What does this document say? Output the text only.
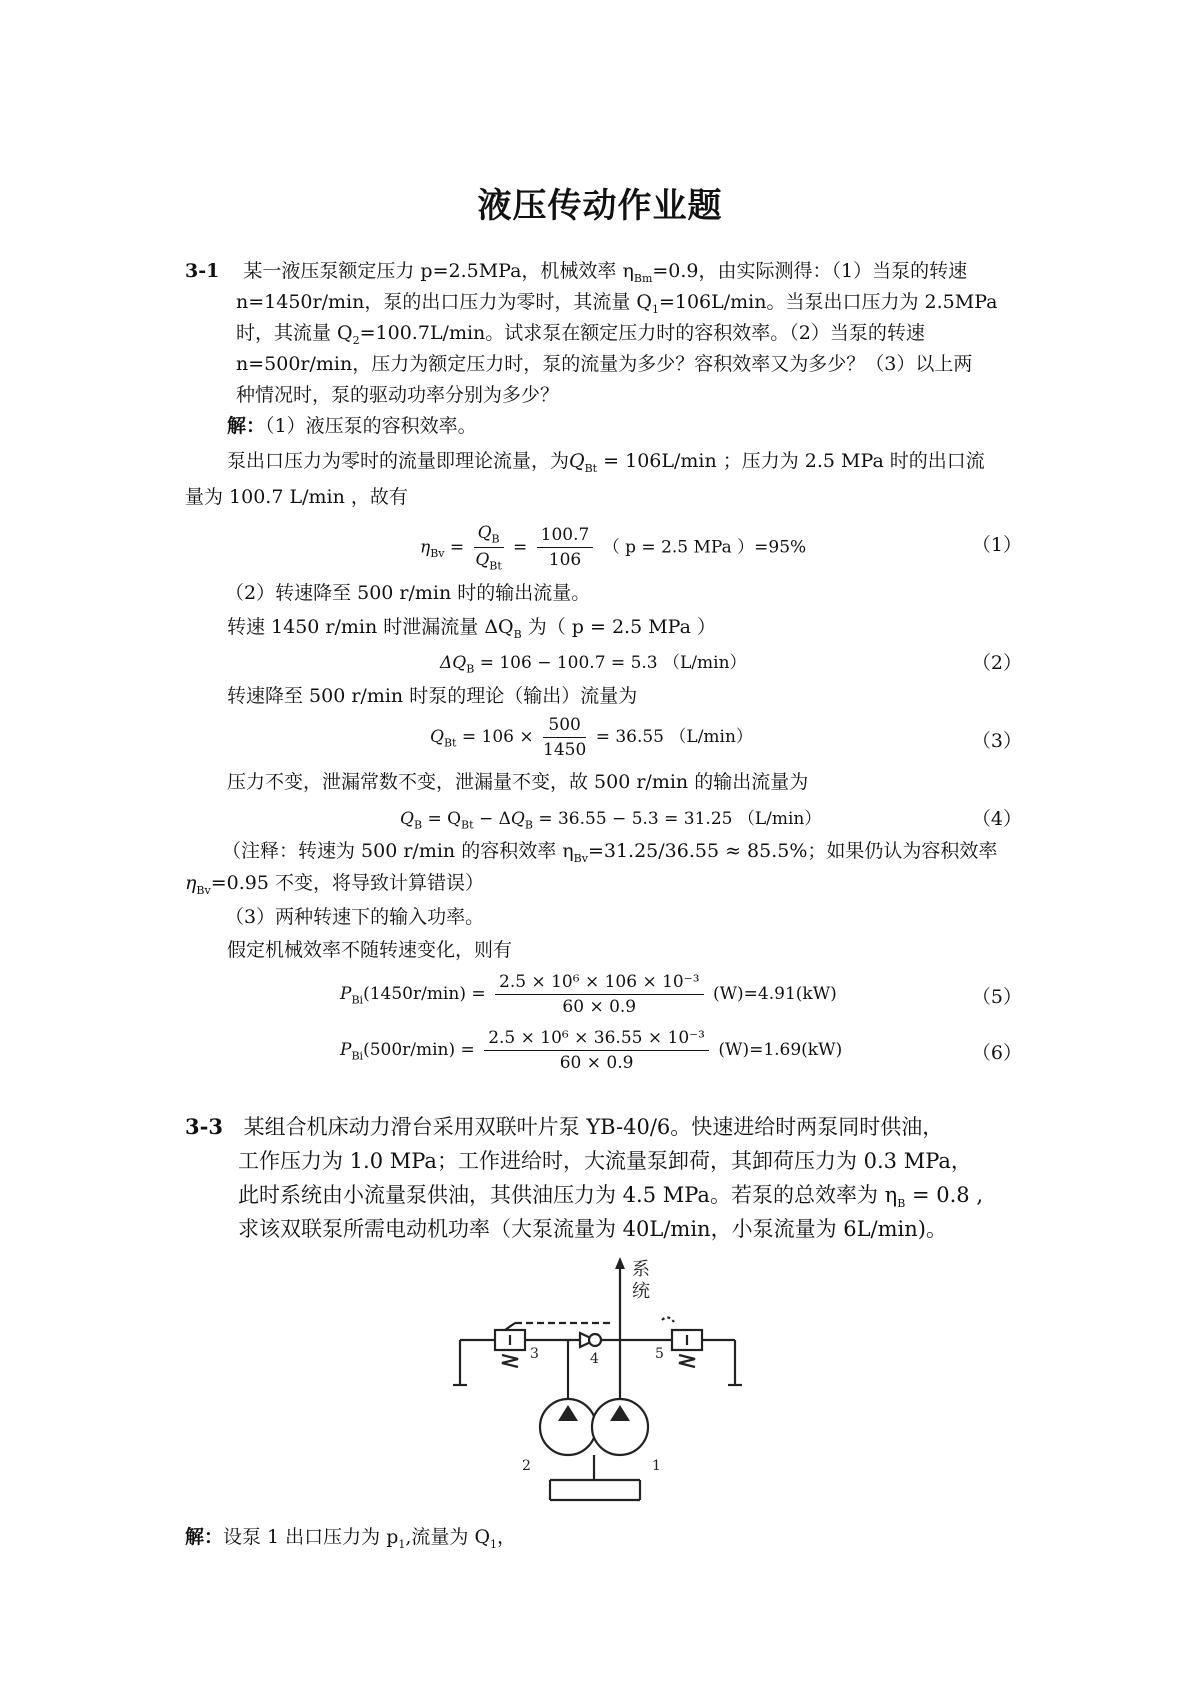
液压传动作业题
3-1 某一液压泵额定压力 p=2.5MPa，机械效率 $\eta_{Bm}=0.9$，由实际测得：（1）当泵的转速
n=1450r/min，泵的出口压力为零时，其流量 $Q_1=106L/\min$。当泵出口压力为 2.5MPa
时，其流量 $Q_2=100.7L/\min$。试求泵在额定压力时的容积效率。（2）当泵的转速
n=500r/min，压力为额定压力时，泵的流量为多少？容积效率又为多少？（3）以上两
种情况时，泵的驱动功率分别为多少？
解：（1）液压泵的容积效率。
泵出口压力为零时的流量即理论流量，为$Q_{Bt} = 106L/\min$ ；压力为 2.5 MPa 时的出口流
量为 100.7 L/min ，故有
$\eta_{Bv} = \frac{Q_B}{Q_{Bt}} = \frac{100.7}{106}$ （ p = 2.5 MPa ）=95%	（1）
（2）转速降至 500 r/min 时的输出流量。
转速 1450 r/min 时泄漏流量 $\Delta Q_B$ 为（ p = 2.5 MPa ）
$\Delta Q_B = 106 - 100.7 = 5.3$ （L/min）	（2）
转速降至 500 r/min 时泵的理论（输出）流量为
$Q_{Bt} = 106 \times \frac{500}{1450} = 36.55$ （L/min）	（3）
压力不变，泄漏常数不变，泄漏量不变，故 500 r/min 的输出流量为
$Q_B = Q_{Bt} - \Delta Q_B = 36.55 - 5.3 = 31.25$ （L/min）	（4）
（注释：转速为 500 r/min 的容积效率 $\eta_{Bv}=31.25/36.55 \approx 85.5\%$；如果仍认为容积效率
$\eta_{Bv}=0.95$ 不变，将导致计算错误）
（3）两种转速下的输入功率。
假定机械效率不随转速变化，则有
$P_{Bi}(1450r/\min) = \frac{\text{2.5 × 10⁶ × 106 × 10⁻³}}{60 \times 0.9} (W)=4.91(kW)$	（5）
$P_{Bi}(500r/\min) = \frac{\text{2.5 × 10⁶ × 36.55 × 10⁻³}}{60 \times 0.9} (W)=1.69(kW)$	（6）
3-3 某组合机床动力滑台采用双联叶片泵 YB-40/6。快速进给时两泵同时供油，
工作压力为 1.0 MPa；工作进给时，大流量泵卸荷，其卸荷压力为 0.3 MPa，
此时系统由小流量泵供油，其供油压力为 4.5 MPa。若泵的总效率为 $\eta_B = 0.8$ ,
求该双联泵所需电动机功率（大泵流量为 40L/min，小泵流量为 6L/min)。
系
统
3	4	5
2	1
解：设泵 1 出口压力为 $p_1$,流量为 $Q_1$，
